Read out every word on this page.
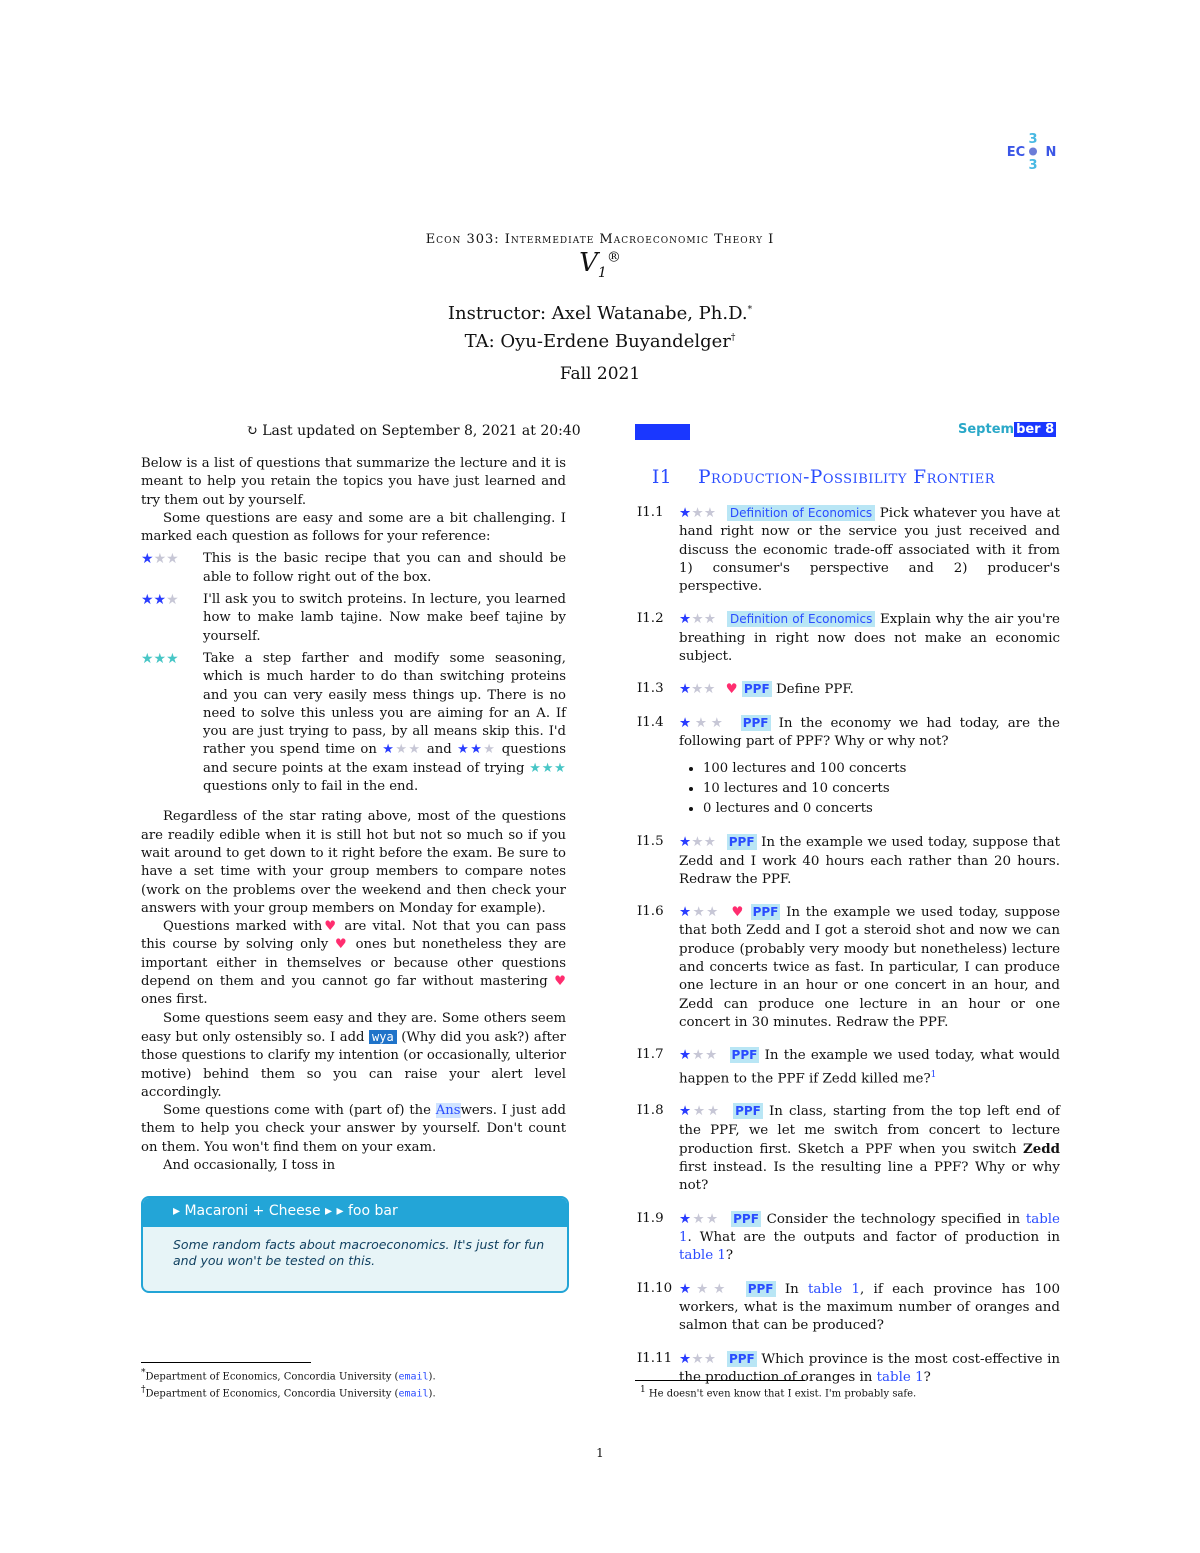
3
EC N
3
Econ 303: Intermediate Macroeconomic Theory I
$V_1®$
Instructor: Axel Watanabe, Ph.D.*
TA: Oyu-Erdene Buyandelger†
Fall 2021
↻ Last updated on September 8, 2021 at 20:40	Septem ber 8

Below is a list of questions that summarize the lecture and it is meant to help you retain the topics you have just learned and try them out by yourself.

Some questions are easy and some are a bit challenging. I marked each question as follows for your reference:

★★★	This is the basic recipe that you can and should be able to follow right out of the box.
★★★	I'll ask you to switch proteins. In lecture, you learned how to make lamb tajine. Now make beef tajine by yourself.
★★★	Take a step farther and modify some seasoning, which is much harder to do than switching proteins and you can very easily mess things up. There is no need to solve this unless you are aiming for an A. If you are just trying to pass, by all means skip this. I'd rather you spend time on ★★★ and ★★★ questions and secure points at the exam instead of trying ★★★ questions only to fail in the end.

Regardless of the star rating above, most of the questions are readily edible when it is still hot but not so much so if you wait around to get down to it right before the exam. Be sure to have a set time with your group members to compare notes (work on the problems over the weekend and then check your answers with your group members on Monday for example).

Questions marked with♥ are vital. Not that you can pass this course by solving only ♥ ones but nonetheless they are important either in themselves or because other questions depend on them and you cannot go far without mastering ♥ ones first.

Some questions seem easy and they are. Some others seem easy but only ostensibly so. I add wya (Why did you ask?) after those questions to clarify my intention (or occasionally, ulterior motive) behind them so you can raise your alert level accordingly.

Some questions come with (part of) the Answers. I just add them to help you check your answer by yourself. Don't count on them. You won't find them on your exam.

And occasionally, I toss in

▸ Macaroni + Cheese ▸ ▸ foo bar
Some random facts about macroeconomics. It's just for fun and you won't be tested on this.
*Department of Economics, Concordia University (email).
†Department of Economics, Concordia University (email).
I1 Production-Possibility Frontier
I1.1	★★★ Definition of Economics Pick whatever you have at hand right now or the service you just received and discuss the economic trade-off associated with it from 1) consumer's perspective and 2) producer's perspective.
I1.2	★★★ Definition of Economics Explain why the air you're breathing in right now does not make an economic subject.
I1.3	★★★ ♥ PPF Define PPF.
I1.4	★★★ PPF In the economy we had today, are the following part of PPF? Why or why not?
• 100 lectures and 100 concerts
• 10 lectures and 10 concerts
• 0 lectures and 0 concerts
I1.5	★★★ PPF In the example we used today, suppose that Zedd and I work 40 hours each rather than 20 hours. Redraw the PPF.
I1.6	★★★ ♥ PPF In the example we used today, suppose that both Zedd and I got a steroid shot and now we can produce (probably very moody but nonetheless) lecture and concerts twice as fast. In particular, I can produce one lecture in an hour or one concert in an hour, and Zedd can produce one lecture in an hour or one concert in 30 minutes. Redraw the PPF.
I1.7	★★★ PPF In the example we used today, what would happen to the PPF if Zedd killed me?$^1$
I1.8	★★★ PPF In class, starting from the top left end of the PPF, we let me switch from concert to lecture production first. Sketch a PPF when you switch Zedd first instead. Is the resulting line a PPF? Why or why not?
I1.9	★★★ PPF Consider the technology specified in table 1. What are the outputs and factor of production in table 1?
I1.10 ★★★ PPF In table 1, if each province has 100 workers, what is the maximum number of oranges and salmon that can be produced?
I1.11 ★★★ PPF Which province is the most cost-effective in the production of oranges in table 1?
$^1$ He doesn't even know that I exist. I'm probably safe.
1
